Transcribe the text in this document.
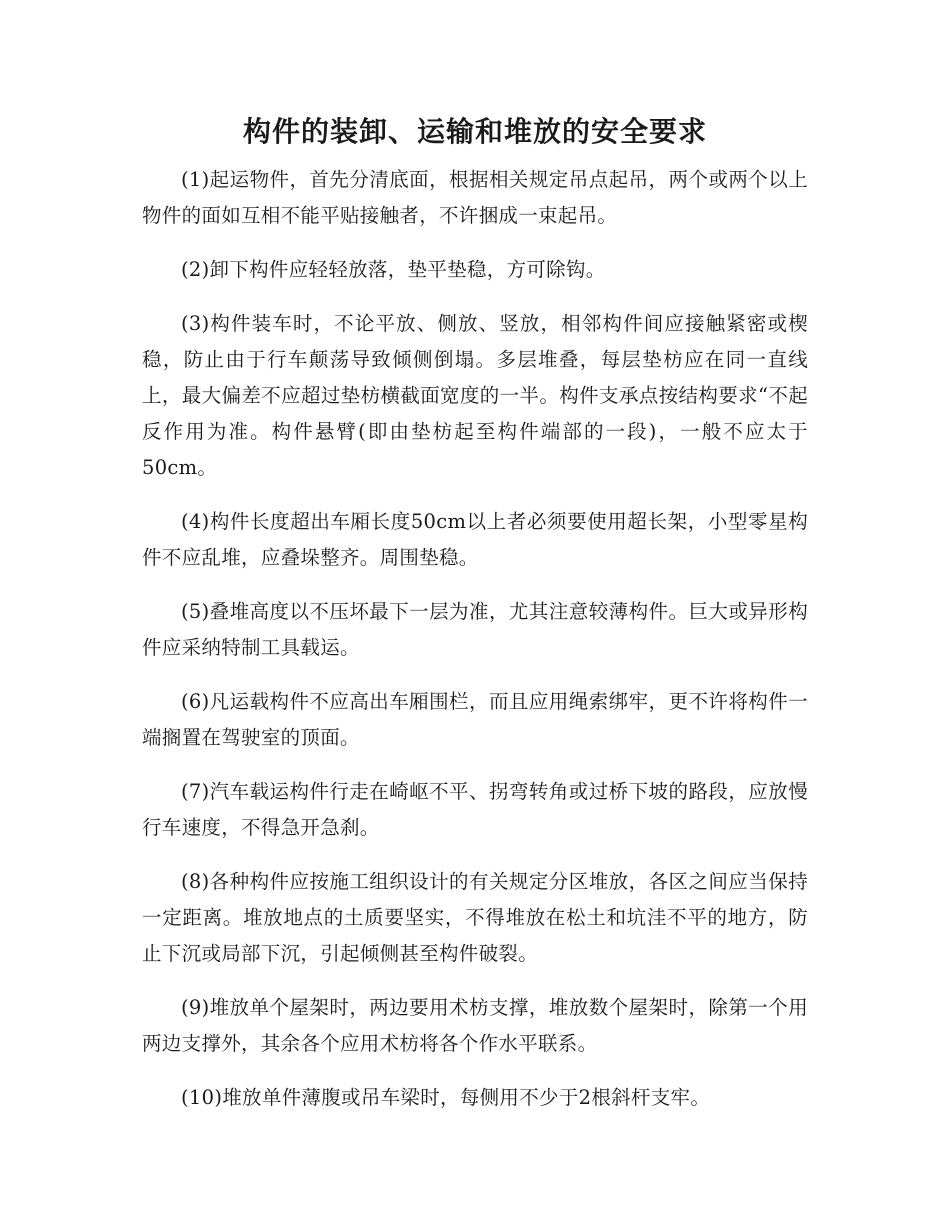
构件的装卸、运输和堆放的安全要求

(1)起运物件，首先分清底面，根据相关规定吊点起吊，两个或两个以上物件的面如互相不能平贴接触者，不许捆成一束起吊。

(2)卸下构件应轻轻放落，垫平垫稳，方可除钩。

(3)构件装车时，不论平放、侧放、竖放，相邻构件间应接触紧密或楔稳，防止由于行车颠荡导致倾侧倒塌。多层堆叠，每层垫枋应在同一直线上，最大偏差不应超过垫枋横截面宽度的一半。构件支承点按结构要求“不起反作用为准。构件悬臂(即由垫枋起至构件端部的一段)，一般不应太于50cm。

(4)构件长度超出车厢长度50cm以上者必须要使用超长架，小型零星构件不应乱堆，应叠垛整齐。周围垫稳。

(5)叠堆高度以不压坏最下一层为准，尤其注意较薄构件。巨大或异形构件应采纳特制工具载运。

(6)凡运载构件不应高出车厢围栏，而且应用绳索绑牢，更不许将构件一端搁置在驾驶室的顶面。

(7)汽车载运构件行走在崎岖不平、拐弯转角或过桥下坡的路段，应放慢行车速度，不得急开急刹。

(8)各种构件应按施工组织设计的有关规定分区堆放，各区之间应当保持一定距离。堆放地点的土质要坚实，不得堆放在松土和坑洼不平的地方，防止下沉或局部下沉，引起倾侧甚至构件破裂。

(9)堆放单个屋架时，两边要用术枋支撑，堆放数个屋架时，除第一个用两边支撑外，其余各个应用术枋将各个作水平联系。

(10)堆放单件薄腹或吊车梁时，每侧用不少于2根斜杆支牢。
